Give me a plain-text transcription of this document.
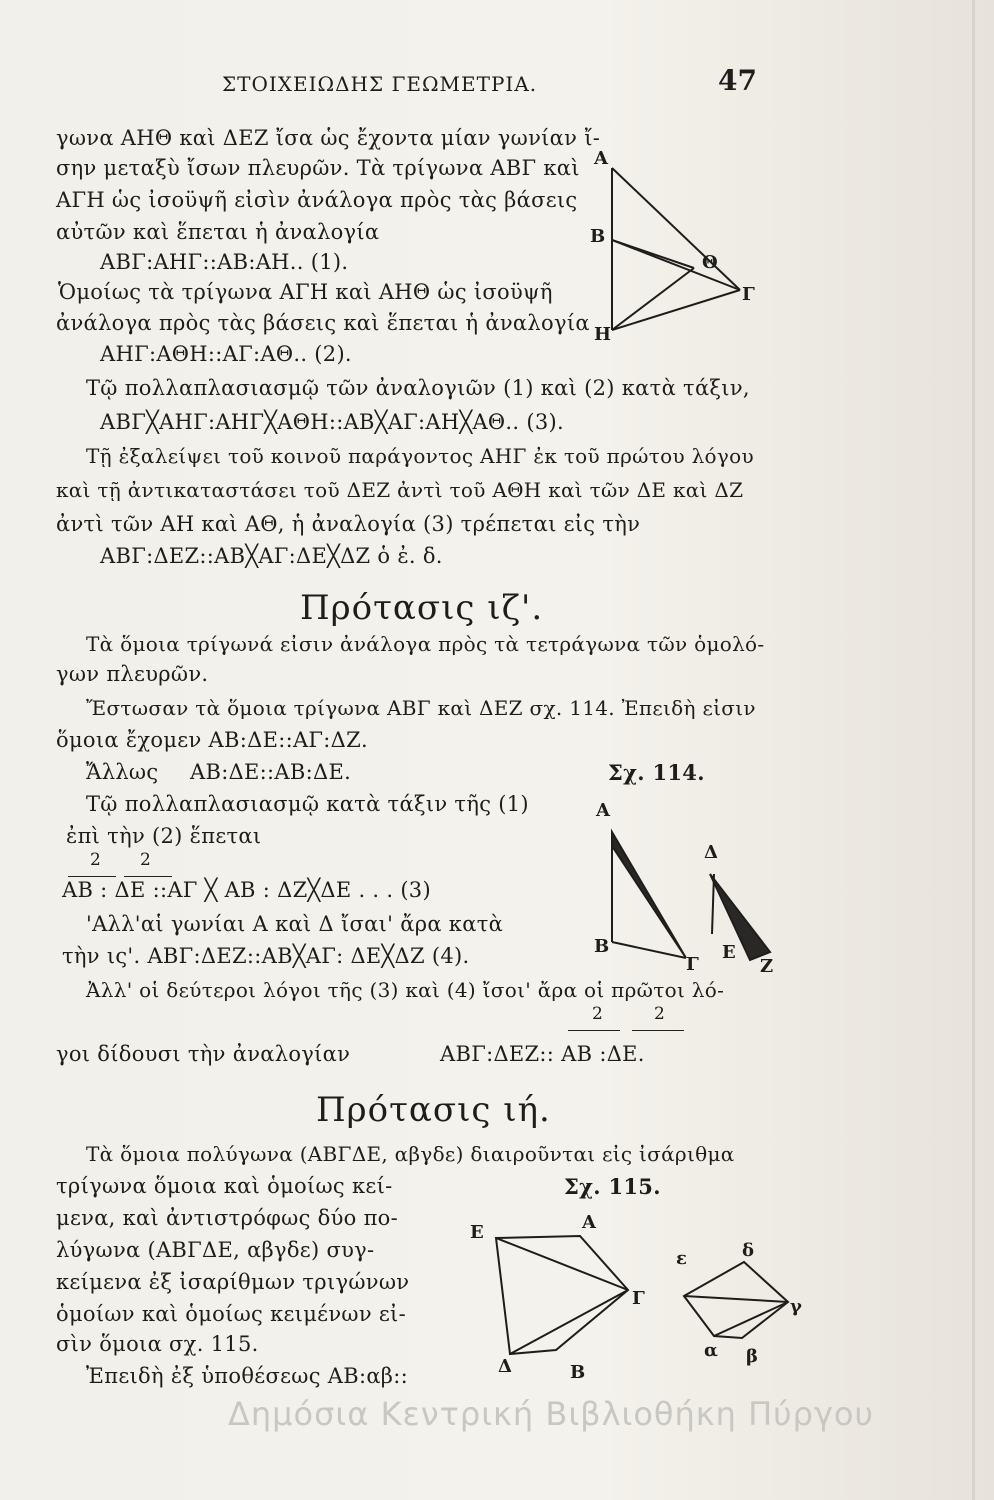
ΣΤΟΙΧΕΙΩΔΗΣ ΓΕΩΜΕΤΡΙΑ.	47
γωνα ΑΗΘ καὶ ΔΕΖ ἴσα ὡς ἔχοντα μίαν γωνίαν ἴ-
σην μεταξὺ ἴσων πλευρῶν. Τὰ τρίγωνα ΑΒΓ καὶ
ΑΓΗ ὡς ἰσοϋψῆ εἰσὶν ἀνάλογα πρὸς τὰς βάσεις
αὐτῶν καὶ ἕπεται ἡ ἀναλογία
ΑΒΓ:ΑΗΓ::ΑΒ:ΑΗ.. (1).
Ὁμοίως τὰ τρίγωνα ΑΓΗ καὶ ΑΗΘ ὡς ἰσοϋψῆ
ἀνάλογα πρὸς τὰς βάσεις καὶ ἕπεται ἡ ἀναλογία
ΑΗΓ:ΑΘΗ::ΑΓ:ΑΘ.. (2).
Τῷ πολλαπλασιασμῷ τῶν ἀναλογιῶν (1) καὶ (2) κατὰ τάξιν,
ΑΒΓ╳ΑΗΓ:ΑΗΓ╳ΑΘΗ::ΑΒ╳ΑΓ:ΑΗ╳ΑΘ.. (3).
Τῇ ἐξαλείψει τοῦ κοινοῦ παράγοντος ΑΗΓ ἐκ τοῦ πρώτου λόγου
καὶ τῇ ἀντικαταστάσει τοῦ ΔΕΖ ἀντὶ τοῦ ΑΘΗ καὶ τῶν ΔΕ καὶ ΔΖ
ἀντὶ τῶν ΑΗ καὶ ΑΘ, ἡ ἀναλογία (3) τρέπεται εἰς τὴν
ΑΒΓ:ΔΕΖ::ΑΒ╳ΑΓ:ΔΕ╳ΔΖ ὁ ἐ. δ.
Πρότασις ιζ'.
Τὰ ὅμοια τρίγωνά εἰσιν ἀνάλογα πρὸς τὰ τετράγωνα τῶν ὁμολό-
γων πλευρῶν.
Ἔστωσαν τὰ ὅμοια τρίγωνα ΑΒΓ καὶ ΔΕΖ σχ. 114. Ἐπειδὴ εἰσιν
ὅμοια ἔχομεν ΑΒ:ΔΕ::ΑΓ:ΔΖ.
Ἄλλως ΑΒ:ΔΕ::ΑΒ:ΔΕ.	Σχ. 114.
Τῷ πολλαπλασιασμῷ κατὰ τάξιν τῆς (1)
ἐπὶ τὴν (2) ἕπεται
2 2
ΑΒ : ΔΕ ::ΑΓ ╳ ΑΒ : ΔΖ╳ΔΕ . . . (3)
'Αλλ'αἱ γωνίαι Α καὶ Δ ἴσαι' ἄρα κατὰ
τὴν ις'. ΑΒΓ:ΔΕΖ::ΑΒ╳ΑΓ: ΔΕ╳ΔΖ (4).
Ἀλλ' οἱ δεύτεροι λόγοι τῆς (3) καὶ (4) ἴσοι' ἄρα οἱ πρῶτοι λό-
2	2
γοι δίδουσι τὴν ἀναλογίαν	ΑΒΓ:ΔΕΖ:: ΑΒ :ΔΕ.
Πρότασις ιή.
Τὰ ὅμοια πολύγωνα (ΑΒΓΔΕ, αβγδε) διαιροῦνται εἰς ἰσάριθμα
τρίγωνα ὅμοια καὶ ὁμοίως κεί-	Σχ. 115.
μενα, καὶ ἀντιστρόφως δύο πο-
λύγωνα (ΑΒΓΔΕ, αβγδε) συγ-
κείμενα ἐξ ἰσαρίθμων τριγώνων
ὁμοίων καὶ ὁμοίως κειμένων εἰ-
σὶν ὅμοια σχ. 115.
Ἐπειδὴ ἐξ ὑποθέσεως ΑΒ:αβ::
Α
Β
Θ
Γ
Η
Α
Β
Γ
Δ
Ε
Ζ
Ε	Α
Γ
Δ	Β
ε	δ
γ
α β
Δημόσια Κεντρική Βιβλιοθήκη Πύργου
